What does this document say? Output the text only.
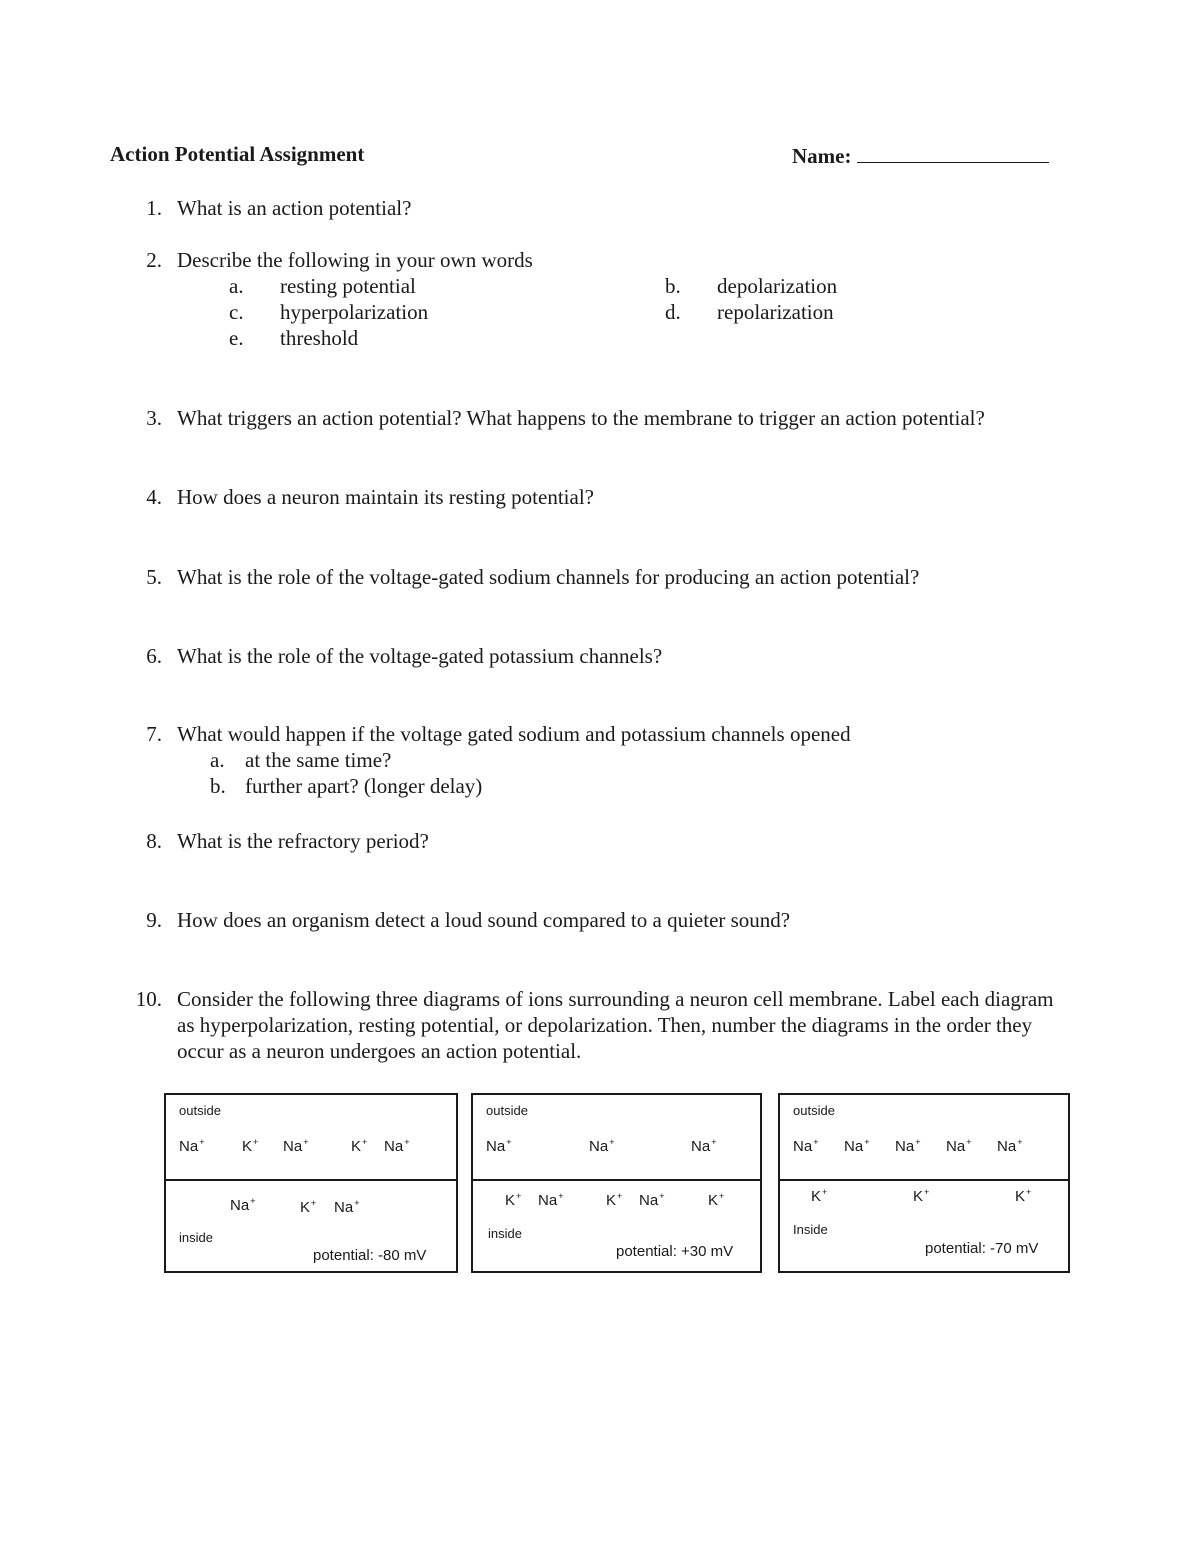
Action Potential Assignment	Name:
1. What is an action potential?
2. Describe the following in your own words
a. resting potential	b. depolarization
c. hyperpolarization	d. repolarization
e. threshold
3. What triggers an action potential? What happens to the membrane to trigger an action potential?
4. How does a neuron maintain its resting potential?
5. What is the role of the voltage-gated sodium channels for producing an action potential?
6. What is the role of the voltage-gated potassium channels?
7. What would happen if the voltage gated sodium and potassium channels opened
a. at the same time?
b. further apart? (longer delay)
8. What is the refractory period?
9. How does an organism detect a loud sound compared to a quieter sound?
10. Consider the following three diagrams of ions surrounding a neuron cell membrane. Label each diagram as hyperpolarization, resting potential, or depolarization. Then, number the diagrams in the order they occur as a neuron undergoes an action potential.
outside
Na+	K+ Na+	K+ Na+
Na+	K+ Na+
inside
potential: -80 mV
outside
Na+	Na+	Na+
K+ Na+	K+ Na+	K+
inside
potential: +30 mV
outside
Na+ Na+ Na+ Na+ Na+
K+	K+	K+
Inside
potential: -70 mV
